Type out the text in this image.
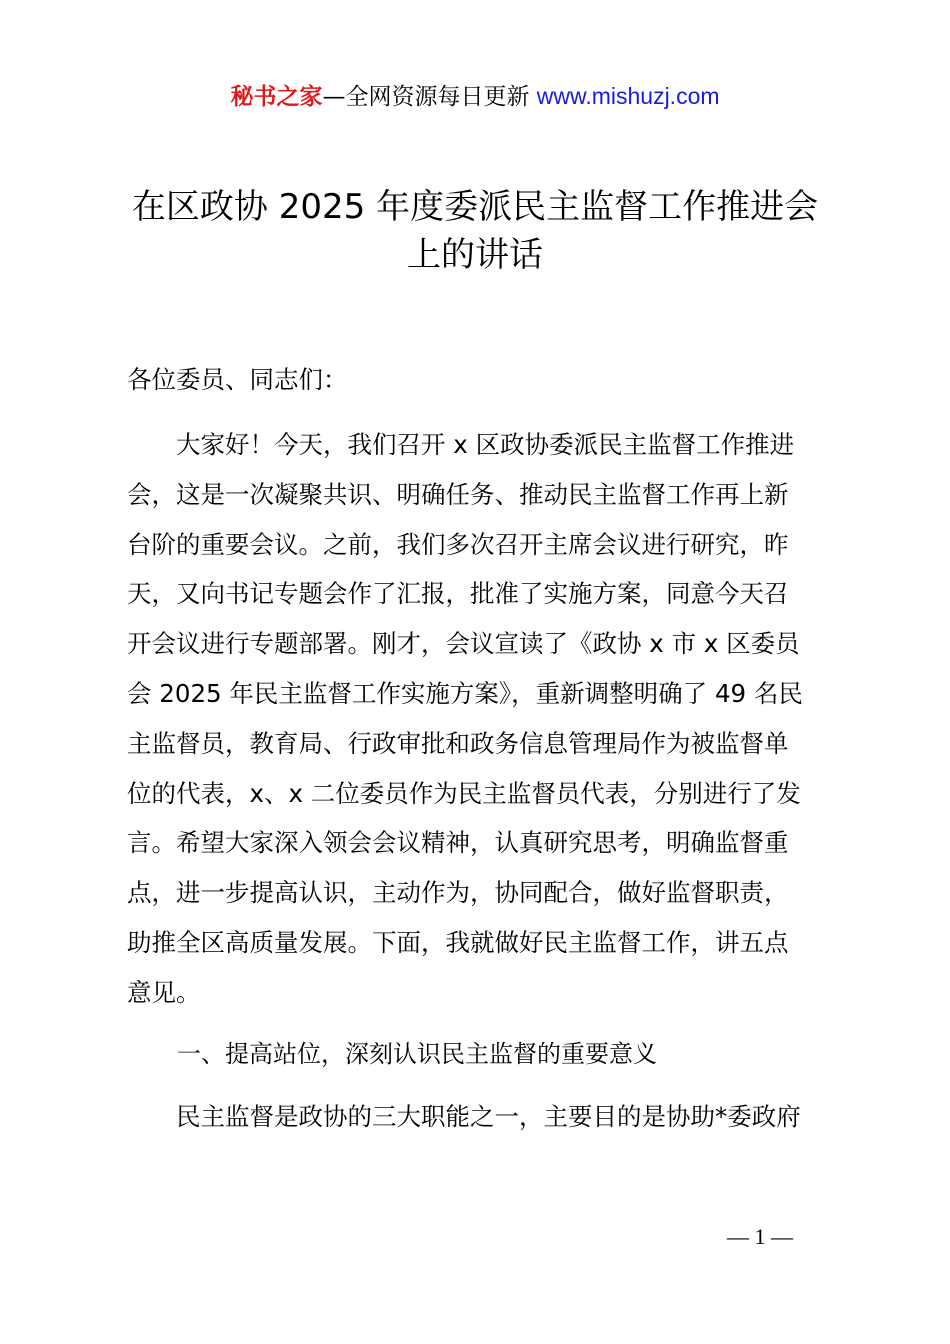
秘书之家—全网资源每日更新 www.mishuzj.com
在区政协 2025 年度委派民主监督工作推进会
上的讲话
各位委员、同志们：
　　大家好！今天，我们召开 x 区政协委派民主监督工作推进
会，这是一次凝聚共识、明确任务、推动民主监督工作再上新
台阶的重要会议。之前，我们多次召开主席会议进行研究，昨
天，又向书记专题会作了汇报，批准了实施方案，同意今天召
开会议进行专题部署。刚才，会议宣读了《政协 x 市 x 区委员
会 2025 年民主监督工作实施方案》，重新调整明确了 49 名民
主监督员，教育局、行政审批和政务信息管理局作为被监督单
位的代表，x、x 二位委员作为民主监督员代表，分别进行了发
言。希望大家深入领会会议精神，认真研究思考，明确监督重
点，进一步提高认识，主动作为，协同配合，做好监督职责，
助推全区高质量发展。下面，我就做好民主监督工作，讲五点
意见。
一、提高站位，深刻认识民主监督的重要意义
　　民主监督是政协的三大职能之一，主要目的是协助*委政府
— 1 —
